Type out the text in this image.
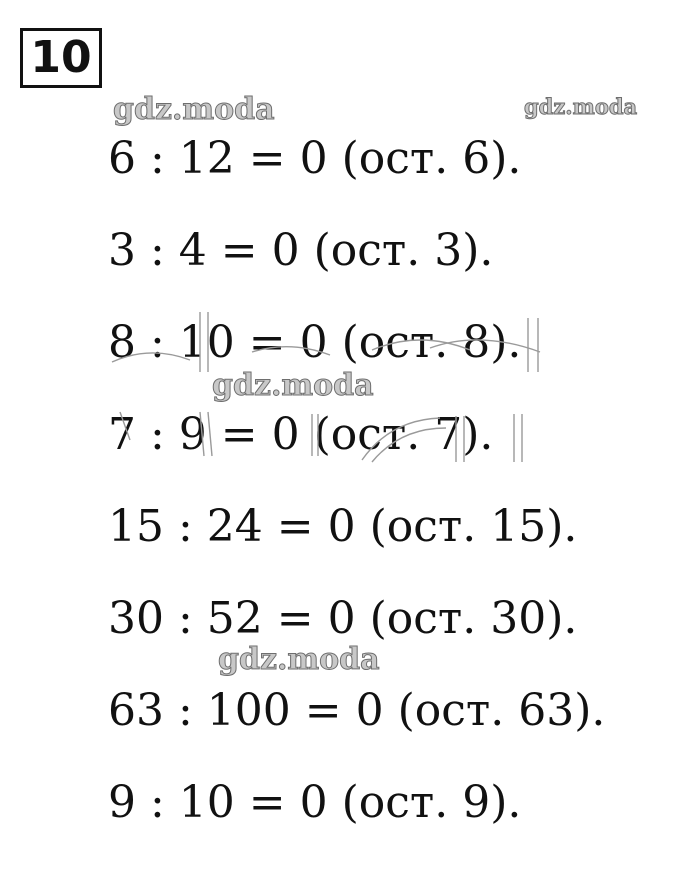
10
gdz.moda	gdz.moda
gdz.moda
gdz.moda
6 : 12 = 0 (ост. 6).
3 : 4 = 0 (ост. 3).
8 : 10 = 0 (ост. 8).
7 : 9 = 0 (ост. 7).
15 : 24 = 0 (ост. 15).
30 : 52 = 0 (ост. 30).
63 : 100 = 0 (ост. 63).
9 : 10 = 0 (ост. 9).
